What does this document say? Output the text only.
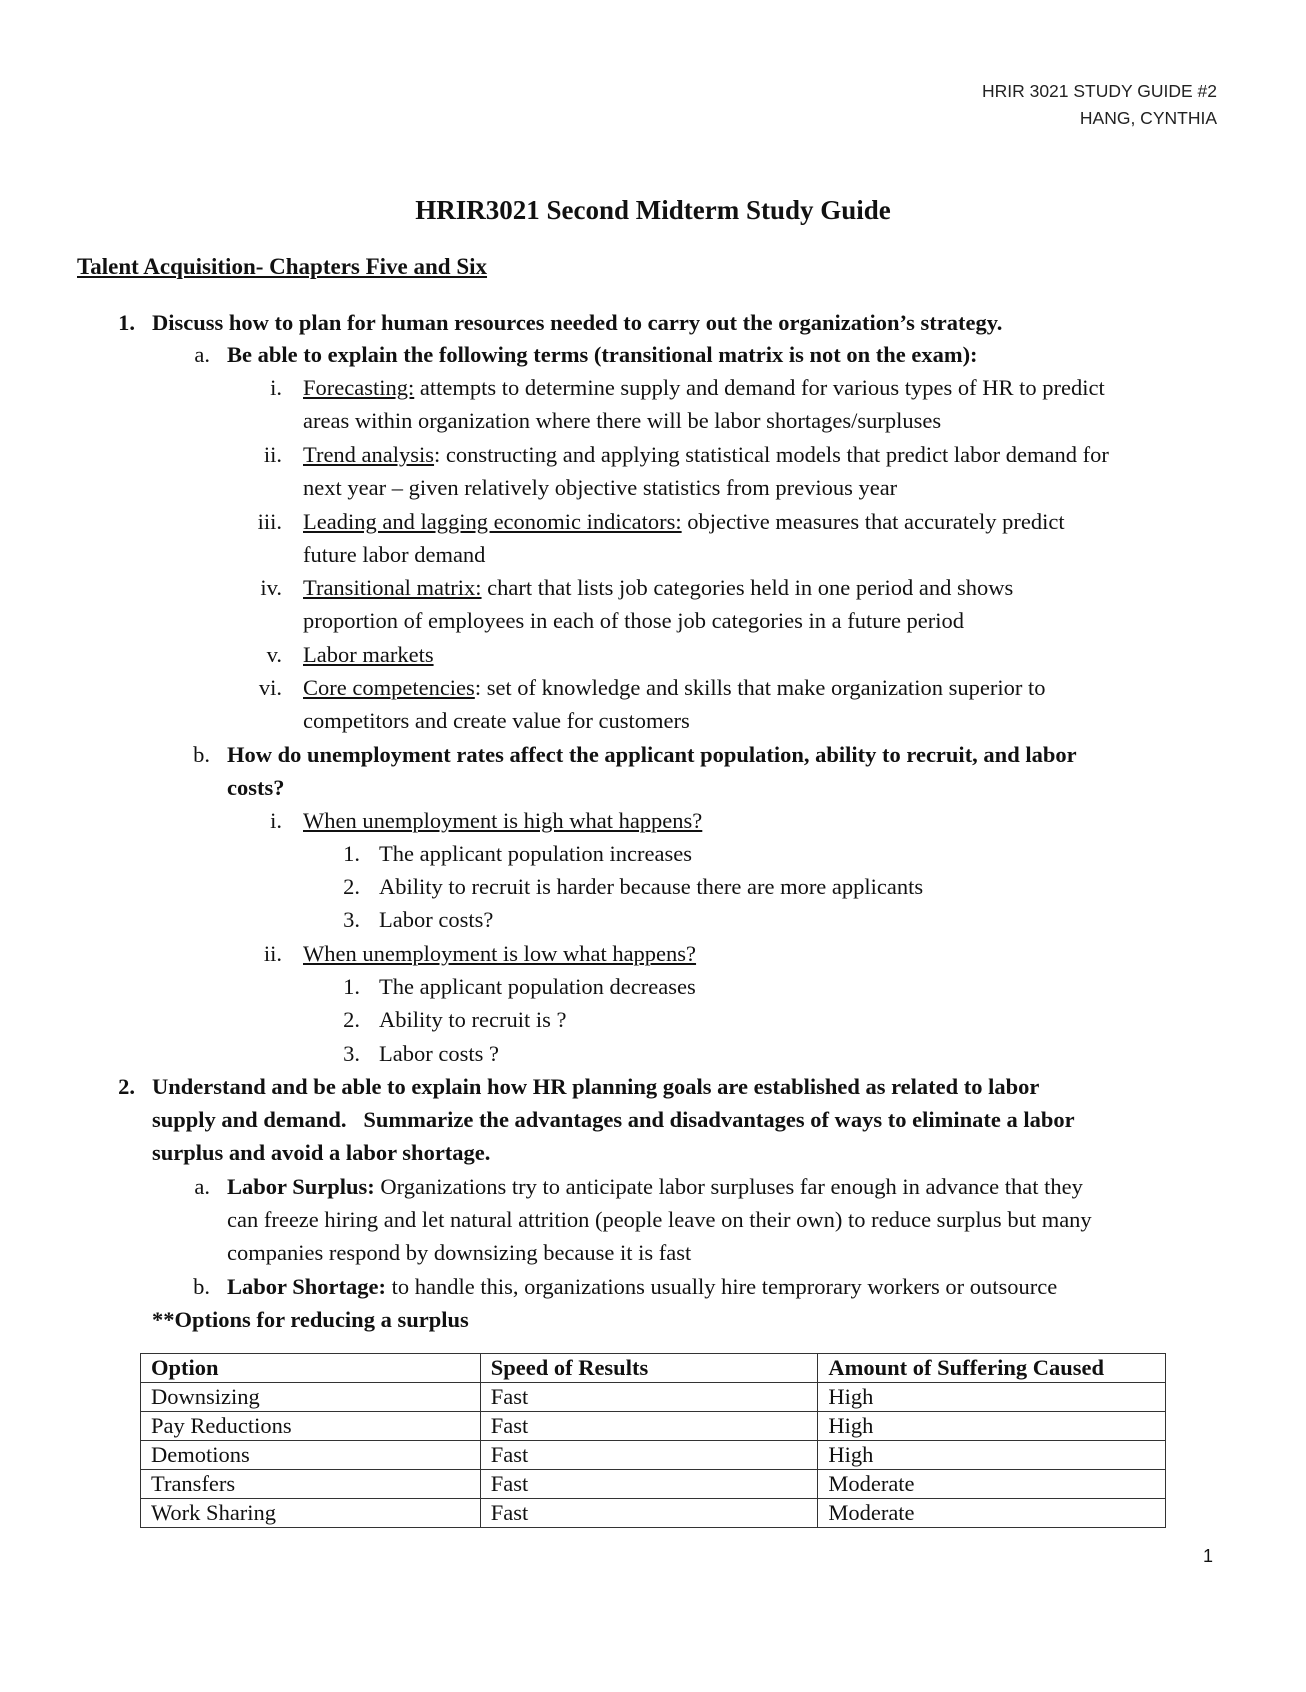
HRIR 3021 STUDY GUIDE #2
HANG, CYNTHIA
HRIR3021 Second Midterm Study Guide
Talent Acquisition- Chapters Five and Six
1. Discuss how to plan for human resources needed to carry out the organization’s strategy.
a. Be able to explain the following terms (transitional matrix is not on the exam):
i. Forecasting: attempts to determine supply and demand for various types of HR to predict
areas within organization where there will be labor shortages/surpluses
ii. Trend analysis: constructing and applying statistical models that predict labor demand for
next year – given relatively objective statistics from previous year
iii. Leading and lagging economic indicators: objective measures that accurately predict
future labor demand
iv. Transitional matrix: chart that lists job categories held in one period and shows
proportion of employees in each of those job categories in a future period
v. Labor markets
vi. Core competencies: set of knowledge and skills that make organization superior to
competitors and create value for customers
b. How do unemployment rates affect the applicant population, ability to recruit, and labor
costs?
i. When unemployment is high what happens?
1. The applicant population increases
2. Ability to recruit is harder because there are more applicants
3. Labor costs?
ii. When unemployment is low what happens?
1. The applicant population decreases
2. Ability to recruit is ?
3. Labor costs ?
2. Understand and be able to explain how HR planning goals are established as related to labor
supply and demand.   Summarize the advantages and disadvantages of ways to eliminate a labor
surplus and avoid a labor shortage.
a. Labor Surplus: Organizations try to anticipate labor surpluses far enough in advance that they
can freeze hiring and let natural attrition (people leave on their own) to reduce surplus but many
companies respond by downsizing because it is fast
b. Labor Shortage: to handle this, organizations usually hire temprorary workers or outsource
**Options for reducing a surplus
Option	Speed of Results	Amount of Suffering Caused
Downsizing	Fast	High
Pay Reductions	Fast	High
Demotions	Fast	High
Transfers	Fast	Moderate
Work Sharing	Fast	Moderate
1
